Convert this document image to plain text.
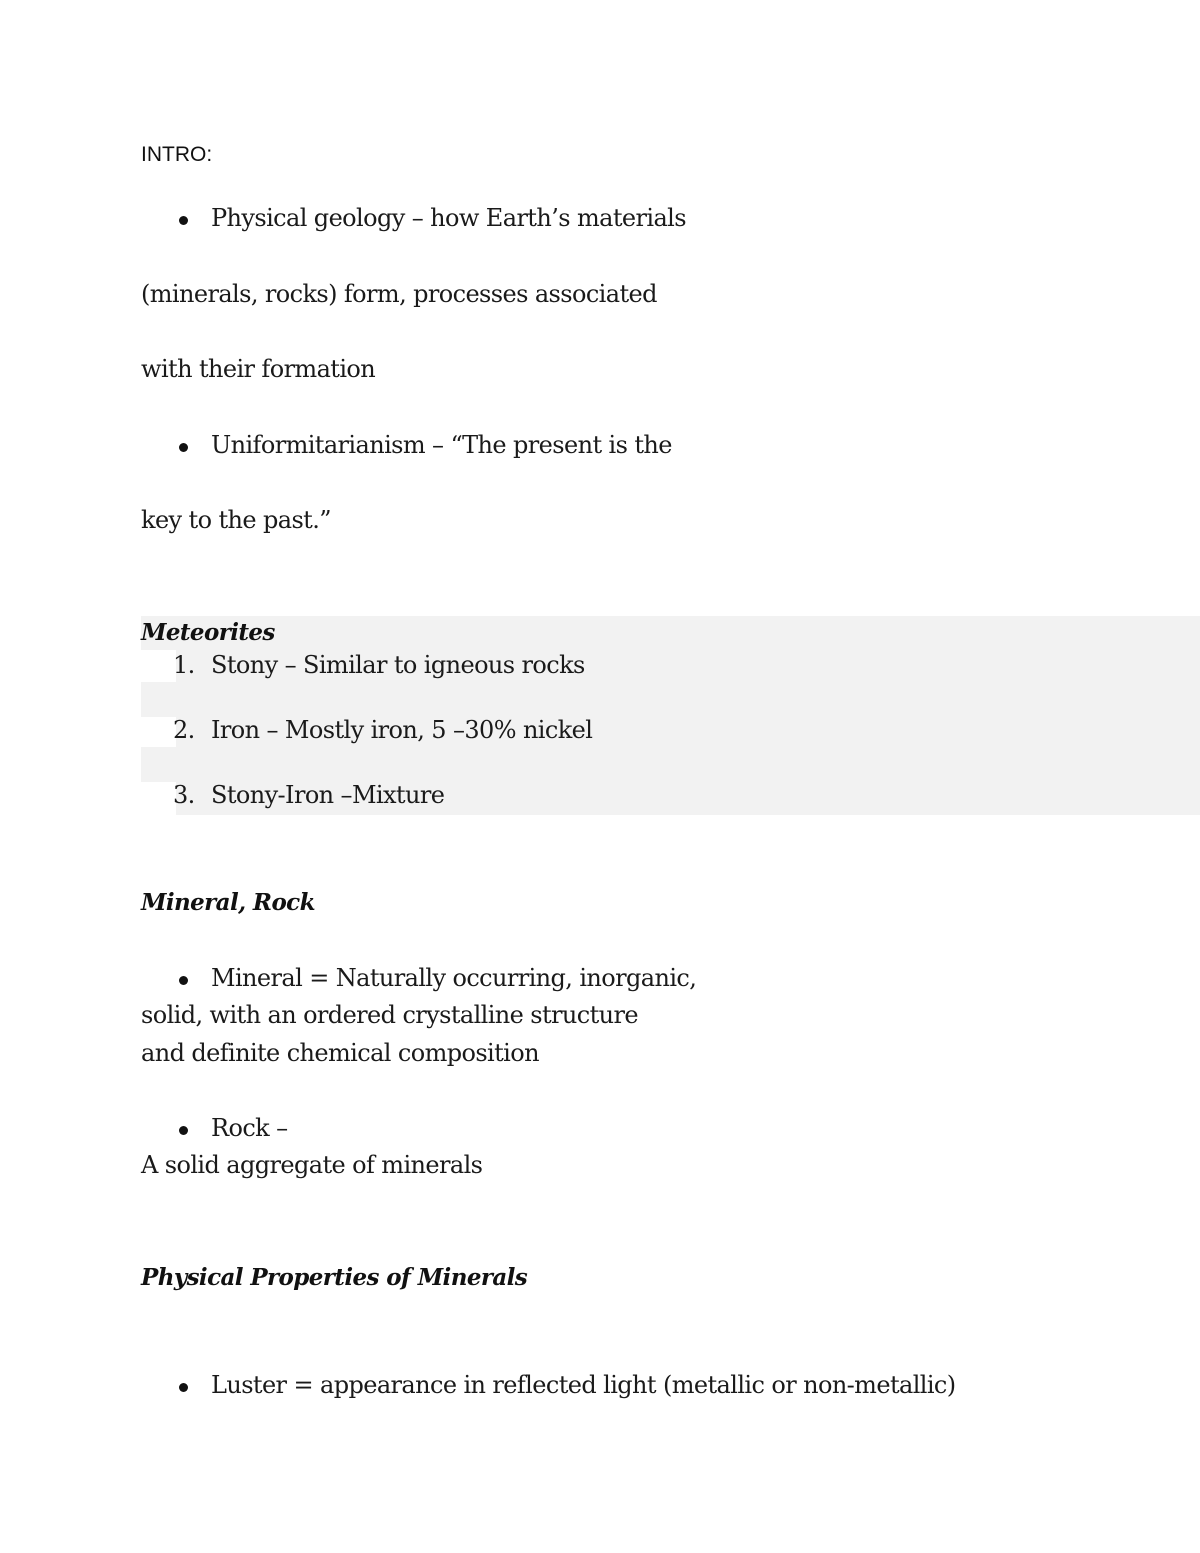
INTRO:
Physical geology – how Earth’s materials
(minerals, rocks) form, processes associated
with their formation
Uniformitarianism – “The present is the
key to the past.”
Meteorites
1. Stony – Similar to igneous rocks
2. Iron – Mostly iron, 5 –30% nickel
3. Stony-Iron –Mixture
Mineral, Rock
Mineral = Naturally occurring, inorganic,
solid, with an ordered crystalline structure
and definite chemical composition
Rock –
A solid aggregate of minerals
Physical Properties of Minerals
Luster = appearance in reflected light (metallic or non-metallic)
